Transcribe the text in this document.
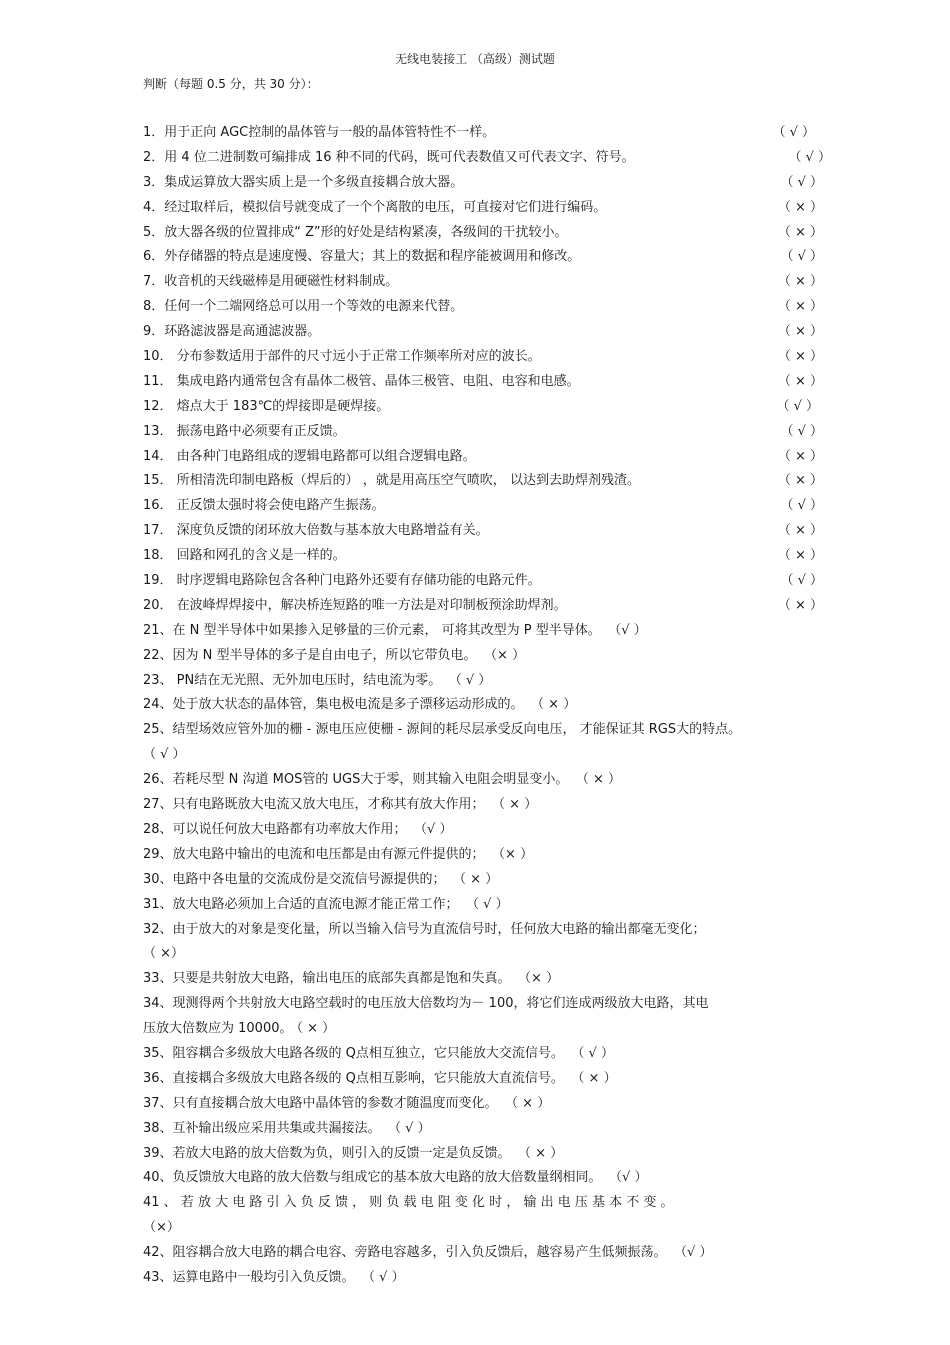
无线电装接工 （高级）测试题
判断（每题 0.5 分，共 30 分）：
1．用于正向 AGC控制的晶体管与一般的晶体管特性不一样。	（ √ ）
2．用 4 位二进制数可编排成 16 种不同的代码，既可代表数值又可代表文字、符号。	（ √ ）
3．集成运算放大器实质上是一个多级直接耦合放大器。	（ √ ）
4．经过取样后，模拟信号就变成了一个个离散的电压，可直接对它们进行编码。	（ × ）
5．放大器各级的位置排成“ Z”形的好处是结构紧凑，各级间的干扰较小。	（ × ）
6．外存储器的特点是速度慢、容量大；其上的数据和程序能被调用和修改。	（ √ ）
7．收音机的天线磁棒是用硬磁性材料制成。	（ × ）
8．任何一个二端网络总可以用一个等效的电源来代替。	（ × ）
9．环路滤波器是高通滤波器。	（ × ）
10． 分布参数适用于部件的尺寸远小于正常工作频率所对应的波长。	（ × ）
11． 集成电路内通常包含有晶体二极管、晶体三极管、电阻、电容和电感。	（ × ）
12． 熔点大于 183℃的焊接即是硬焊接。	（ √ ）
13． 振荡电路中必须要有正反馈。	（ √ ）
14． 由各种门电路组成的逻辑电路都可以组合逻辑电路。	（ × ）
15． 所相清洗印制电路板（焊后的） ，就是用高压空气喷吹， 以达到去助焊剂残渣。	（ × ）
16． 正反馈太强时将会使电路产生振荡。	（ √ ）
17． 深度负反馈的闭环放大倍数与基本放大电路增益有关。	（ × ）
18． 回路和网孔的含义是一样的。	（ × ）
19． 时序逻辑电路除包含各种门电路外还要有存储功能的电路元件。	（ √ ）
20． 在波峰焊焊接中，解决桥连短路的唯一方法是对印制板预涂助焊剂。	（ × ）
21、在 N 型半导体中如果掺入足够量的三价元素， 可将其改型为 P 型半导体。 （√ ）
22、因为 N 型半导体的多子是自由电子，所以它带负电。 （× ）
23、 PN结在无光照、无外加电压时，结电流为零。 （ √ ）
24、处于放大状态的晶体管，集电极电流是多子漂移运动形成的。 （ × ）
25、结型场效应管外加的栅 - 源电压应使栅 - 源间的耗尽层承受反向电压， 才能保证其 RGS大的特点。
（ √ ）
26、若耗尽型 N 沟道 MOS管的 UGS大于零，则其输入电阻会明显变小。 （ × ）
27、只有电路既放大电流又放大电压，才称其有放大作用； （ × ）
28、可以说任何放大电路都有功率放大作用； （√ ）
29、放大电路中输出的电流和电压都是由有源元件提供的； （× ）
30、电路中各电量的交流成份是交流信号源提供的； （ × ）
31、放大电路必须加上合适的直流电源才能正常工作； （ √ ）
32、由于放大的对象是变化量，所以当输入信号为直流信号时，任何放大电路的输出都毫无变化；
（ ×）
33、只要是共射放大电路，输出电压的底部失真都是饱和失真。 （× ）
34、现测得两个共射放大电路空载时的电压放大倍数均为－ 100，将它们连成两级放大电路，其电
压放大倍数应为 10000。 （ × ）
35、阻容耦合多级放大电路各级的 Q点相互独立，它只能放大交流信号。 （ √ ）
36、直接耦合多级放大电路各级的 Q点相互影响，它只能放大直流信号。 （ × ）
37、只有直接耦合放大电路中晶体管的参数才随温度而变化。 （ × ）
38、互补输出级应采用共集或共漏接法。 （ √ ）
39、若放大电路的放大倍数为负，则引入的反馈一定是负反馈。 （ × ）
40、负反馈放大电路的放大倍数与组成它的基本放大电路的放大倍数量纲相同。 （√ ）
41 、 若 放 大 电 路 引 入 负 反 馈 ， 则 负 载 电 阻 变 化 时 ， 输 出 电 压 基 本 不 变 。
（×）
42、阻容耦合放大电路的耦合电容、旁路电容越多，引入负反馈后，越容易产生低频振荡。 （√ ）
43、运算电路中一般均引入负反馈。 （ √ ）
